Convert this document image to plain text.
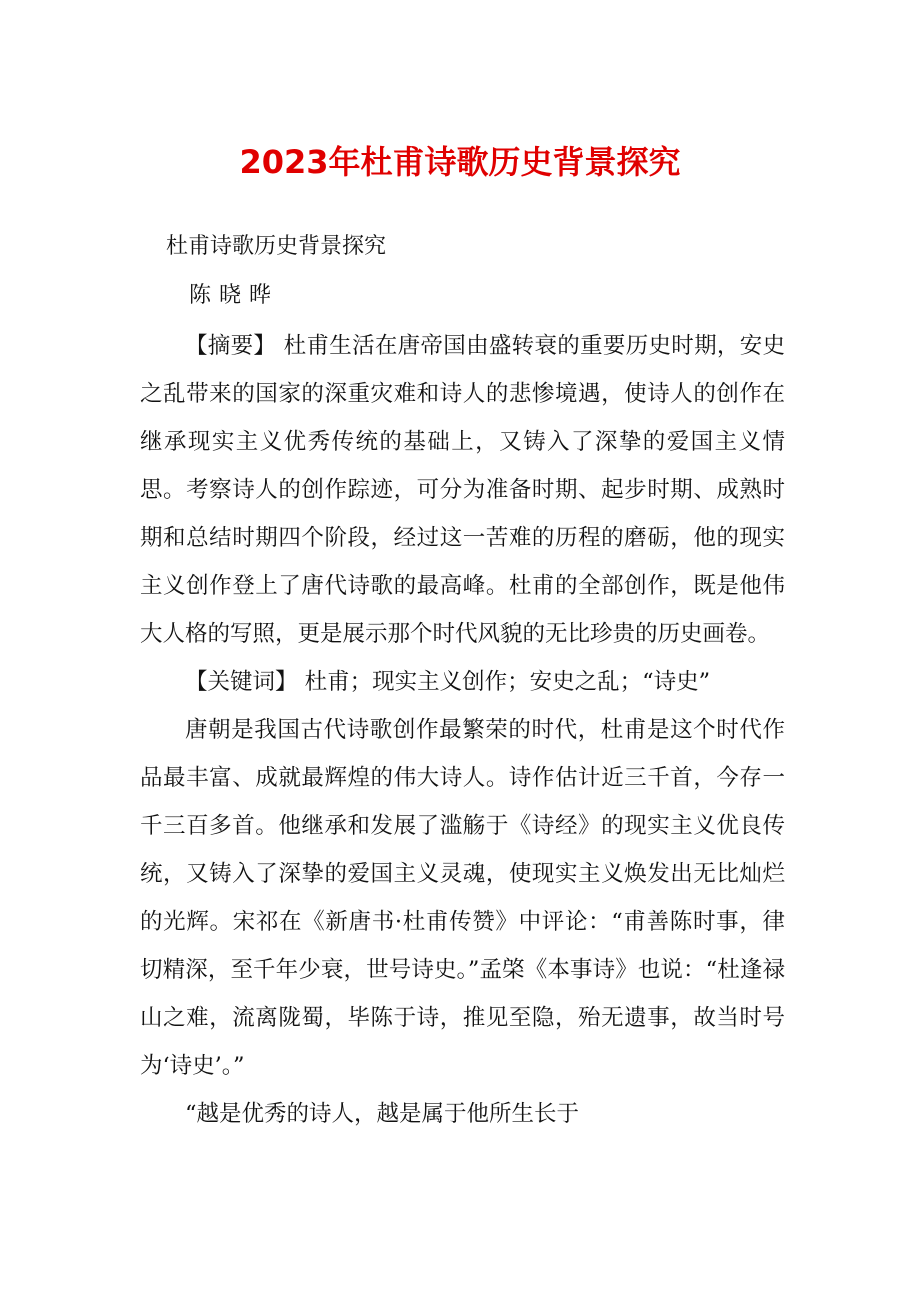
2023年杜甫诗歌历史背景探究
杜甫诗歌历史背景探究
陈晓晔

【摘要】 杜甫生活在唐帝国由盛转衰的重要历史时期，安史之乱带来的国家的深重灾难和诗人的悲惨境遇，使诗人的创作在继承现实主义优秀传统的基础上，又铸入了深挚的爱国主义情思。考察诗人的创作踪迹，可分为准备时期、起步时期、成熟时期和总结时期四个阶段，经过这一苦难的历程的磨砺，他的现实主义创作登上了唐代诗歌的最高峰。杜甫的全部创作，既是他伟大人格的写照，更是展示那个时代风貌的无比珍贵的历史画卷。

【关键词】 杜甫；现实主义创作；安史之乱；“诗史”

唐朝是我国古代诗歌创作最繁荣的时代，杜甫是这个时代作品最丰富、成就最辉煌的伟大诗人。诗作估计近三千首，今存一千三百多首。他继承和发展了滥觞于《诗经》的现实主义优良传统，又铸入了深挚的爱国主义灵魂，使现实主义焕发出无比灿烂的光辉。宋祁在《新唐书·杜甫传赞》中评论：“甫善陈时事，律切精深，至千年少衰，世号诗史。”孟棨《本事诗》也说：“杜逢禄山之难，流离陇蜀，毕陈于诗，推见至隐，殆无遗事，故当时号为‘诗史’。”

“越是优秀的诗人，越是属于他所生长于
